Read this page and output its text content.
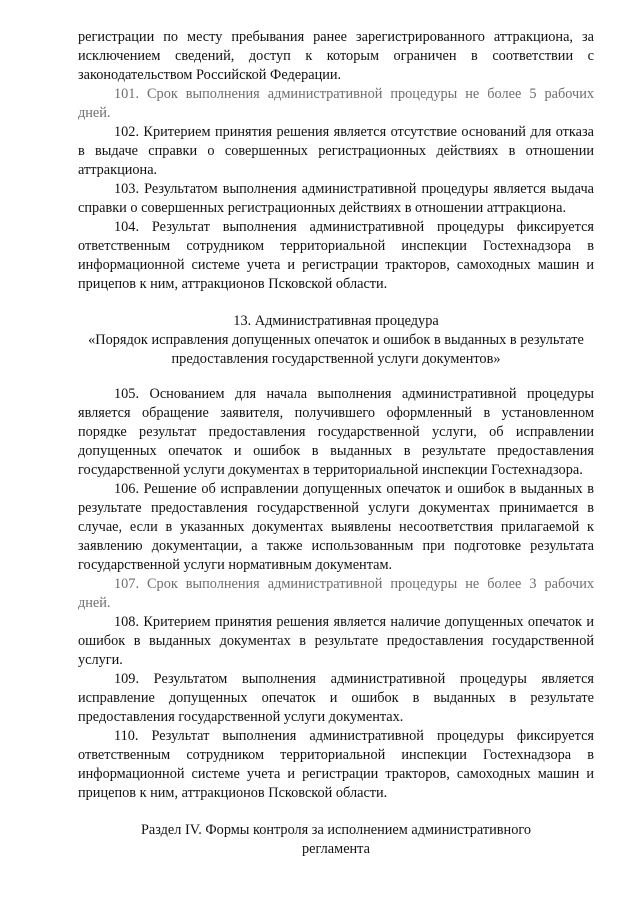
регистрации по месту пребывания ранее зарегистрированного аттракциона, за исключением сведений, доступ к которым ограничен в соответствии с законодательством Российской Федерации.

101. Срок выполнения административной процедуры не более 5 рабочих дней.

102. Критерием принятия решения является отсутствие оснований для отказа в выдаче справки о совершенных регистрационных действиях в отношении аттракциона.

103. Результатом выполнения административной процедуры является выдача справки о совершенных регистрационных действиях в отношении аттракциона.

104. Результат выполнения административной процедуры фиксируется ответственным сотрудником территориальной инспекции Гостехнадзора в информационной системе учета и регистрации тракторов, самоходных машин и прицепов к ним, аттракционов Псковской области.

13. Административная процедура

«Порядок исправления допущенных опечаток и ошибок в выданных в результате предоставления государственной услуги документов»

105. Основанием для начала выполнения административной процедуры является обращение заявителя, получившего оформленный в установленном порядке результат предоставления государственной услуги, об исправлении допущенных опечаток и ошибок в выданных в результате предоставления государственной услуги документах в территориальной инспекции Гостехнадзора.

106. Решение об исправлении допущенных опечаток и ошибок в выданных в результате предоставления государственной услуги документах принимается в случае, если в указанных документах выявлены несоответствия прилагаемой к заявлению документации, а также использованным при подготовке результата государственной услуги нормативным документам.

107. Срок выполнения административной процедуры не более 3 рабочих дней.

108. Критерием принятия решения является наличие допущенных опечаток и ошибок в выданных документах в результате предоставления государственной услуги.

109. Результатом выполнения административной процедуры является исправление допущенных опечаток и ошибок в выданных в результате предоставления государственной услуги документах.

110. Результат выполнения административной процедуры фиксируется ответственным сотрудником территориальной инспекции Гостехнадзора в информационной системе учета и регистрации тракторов, самоходных машин и прицепов к ним, аттракционов Псковской области.

Раздел IV. Формы контроля за исполнением административного

регламента
